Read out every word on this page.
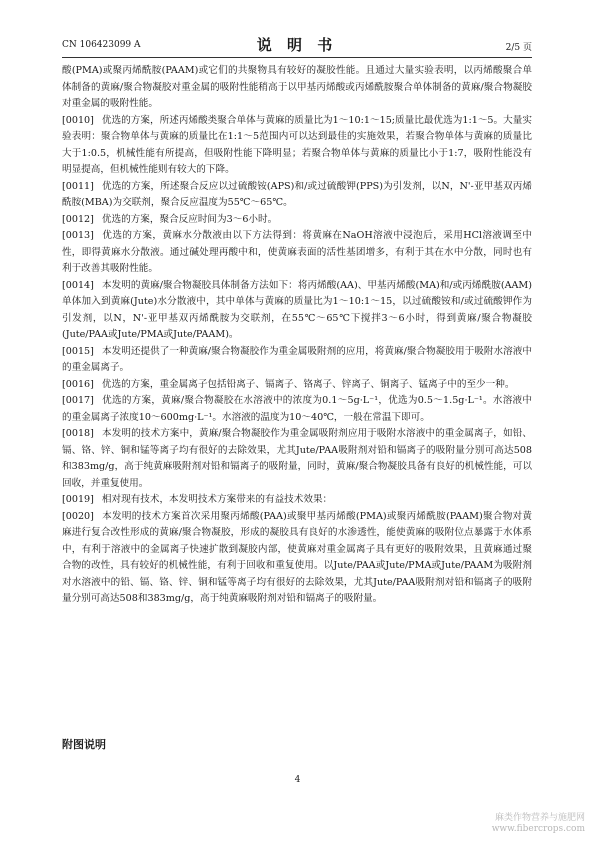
CN 106423099 A	说 明 书	2/5 页

酸(PMA)或聚丙烯酰胺(PAAM)或它们的共聚物具有较好的凝胶性能。且通过大量实验表明，以丙烯酸聚合单体制备的黄麻/聚合物凝胶对重金属的吸附性能稍高于以甲基丙烯酸或丙烯酰胺聚合单体制备的黄麻/聚合物凝胶对重金属的吸附性能。

[0010] 优选的方案，所述丙烯酸类聚合单体与黄麻的质量比为1～10:1～15;质量比最优选为1:1～5。大量实验表明：聚合物单体与黄麻的质量比在1:1～5范围内可以达到最佳的实施效果，若聚合物单体与黄麻的质量比大于1:0.5，机械性能有所提高，但吸附性能下降明显；若聚合物单体与黄麻的质量比小于1:7，吸附性能没有明显提高，但机械性能则有较大的下降。

[0011] 优选的方案，所述聚合反应以过硫酸铵(APS)和/或过硫酸钾(PPS)为引发剂，以N，N'-亚甲基双丙烯酰胺(MBA)为交联剂，聚合反应温度为55℃～65℃。

[0012] 优选的方案，聚合反应时间为3～6小时。

[0013] 优选的方案，黄麻水分散液由以下方法得到：将黄麻在NaOH溶液中浸泡后，采用HCl溶液调至中性，即得黄麻水分散液。通过碱处理再酸中和，使黄麻表面的活性基团增多，有利于其在水中分散，同时也有利于改善其吸附性能。

[0014] 本发明的黄麻/聚合物凝胶具体制备方法如下：将丙烯酸(AA)、甲基丙烯酸(MA)和/或丙烯酰胺(AAM)单体加入到黄麻(Jute)水分散液中，其中单体与黄麻的质量比为1～10:1～15，以过硫酸铵和/或过硫酸钾作为引发剂，以N，N'-亚甲基双丙烯酰胺为交联剂，在55℃～65℃下搅拌3～6小时，得到黄麻/聚合物凝胶(Jute/PAA或Jute/PMA或Jute/PAAM)。

[0015] 本发明还提供了一种黄麻/聚合物凝胶作为重金属吸附剂的应用，将黄麻/聚合物凝胶用于吸附水溶液中的重金属离子。

[0016] 优选的方案，重金属离子包括铅离子、镉离子、铬离子、锌离子、铜离子、锰离子中的至少一种。

[0017] 优选的方案，黄麻/聚合物凝胶在水溶液中的浓度为0.1～5g·L⁻¹，优选为0.5～1.5g·L⁻¹。水溶液中的重金属离子浓度10～600mg·L⁻¹。水溶液的温度为10～40℃，一般在常温下即可。

[0018] 本发明的技术方案中，黄麻/聚合物凝胶作为重金属吸附剂应用于吸附水溶液中的重金属离子，如铅、镉、铬、锌、铜和锰等离子均有很好的去除效果，尤其Jute/PAA吸附剂对铅和镉离子的吸附量分别可高达508和383mg/g，高于纯黄麻吸附剂对铅和镉离子的吸附量，同时，黄麻/聚合物凝胶具备有良好的机械性能，可以回收，并重复使用。

[0019] 相对现有技术，本发明技术方案带来的有益技术效果：

[0020] 本发明的技术方案首次采用聚丙烯酸(PAA)或聚甲基丙烯酸(PMA)或聚丙烯酰胺(PAAM)聚合物对黄麻进行复合改性形成的黄麻/聚合物凝胶，形成的凝胶具有良好的水渗透性，能使黄麻的吸附位点暴露于水体系中，有利于溶液中的金属离子快速扩散到凝胶内部，使黄麻对重金属离子具有更好的吸附效果，且黄麻通过聚合物的改性，具有较好的机械性能，有利于回收和重复使用。以Jute/PAA或Jute/PMA或Jute/PAAM为吸附剂对水溶液中的铅、镉、铬、锌、铜和锰等离子均有很好的去除效果，尤其Jute/PAA吸附剂对铅和镉离子的吸附量分别可高达508和383mg/g，高于纯黄麻吸附剂对铅和镉离子的吸附量。

附图说明
4
麻类作物营养与施肥网
www.fibercrops.com
